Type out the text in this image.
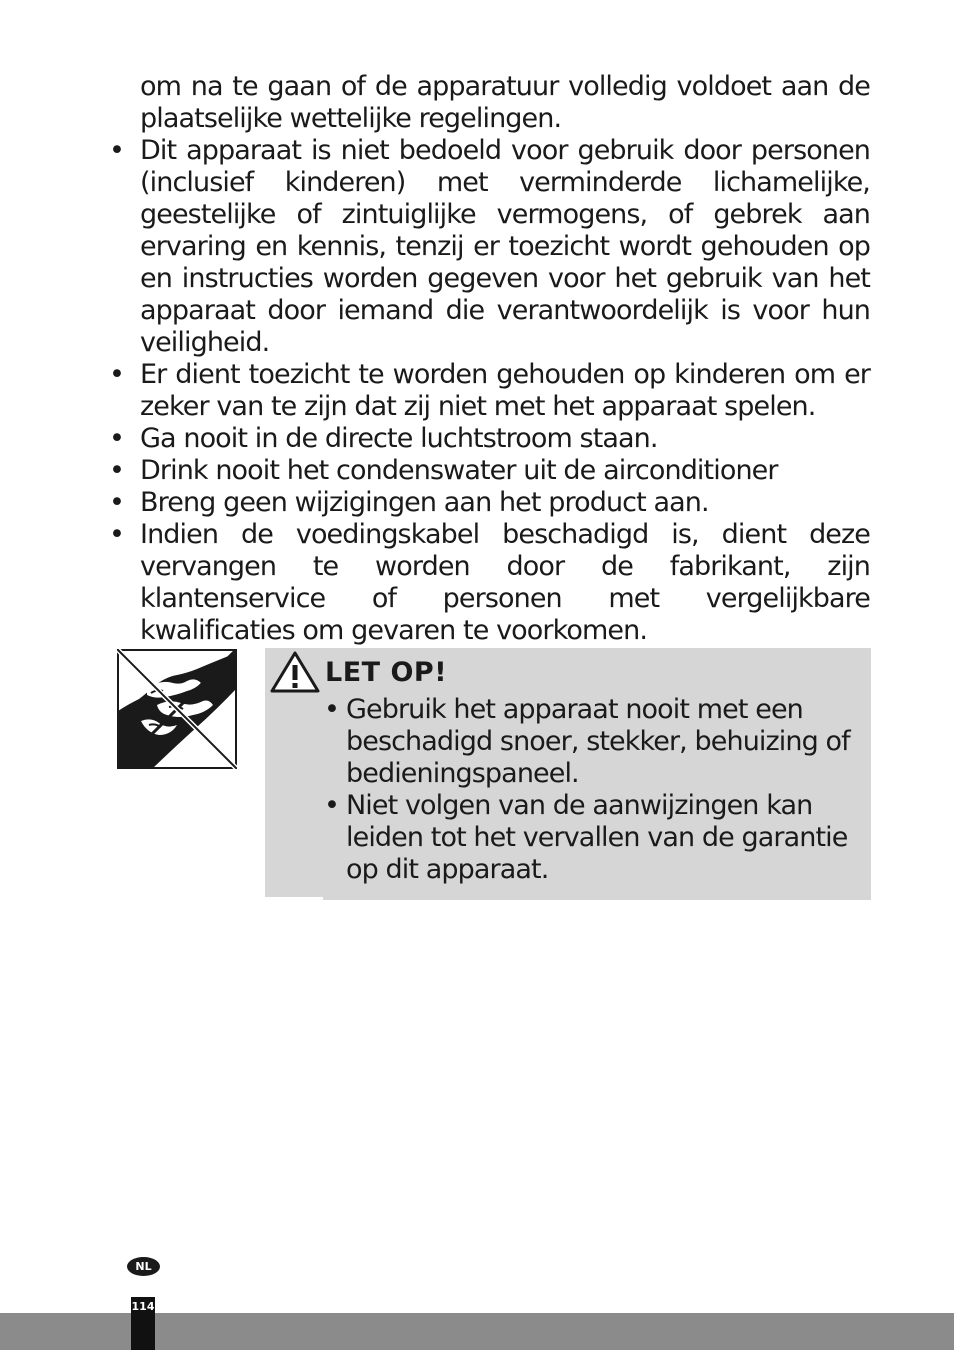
om na te gaan of de apparatuur volledig voldoet aan de plaatselijke wettelijke regelingen.

• Dit apparaat is niet bedoeld voor gebruik door personen (inclusief kinderen) met verminderde lichamelijke, geestelijke of zintuiglijke vermogens, of gebrek aan ervaring en kennis, tenzij er toezicht wordt gehouden op en instructies worden gegeven voor het gebruik van het apparaat door iemand die verantwoordelijk is voor hun veiligheid.

• Er dient toezicht te worden gehouden op kinderen om er zeker van te zijn dat zij niet met het apparaat spelen.

• Ga nooit in de directe luchtstroom staan.

• Drink nooit het condenswater uit de airconditioner

• Breng geen wijzigingen aan het product aan.

• Indien de voedingskabel beschadigd is, dient deze vervangen te worden door de fabrikant, zijn klantenservice of personen met vergelijkbare kwalificaties om gevaren te voorkomen.

LET OP!

• Gebruik het apparaat nooit met een beschadigd snoer, stekker, behuizing of bedieningspaneel.

• Niet volgen van de aanwijzingen kan leiden tot het vervallen van de garantie op dit apparaat.

NL
114
